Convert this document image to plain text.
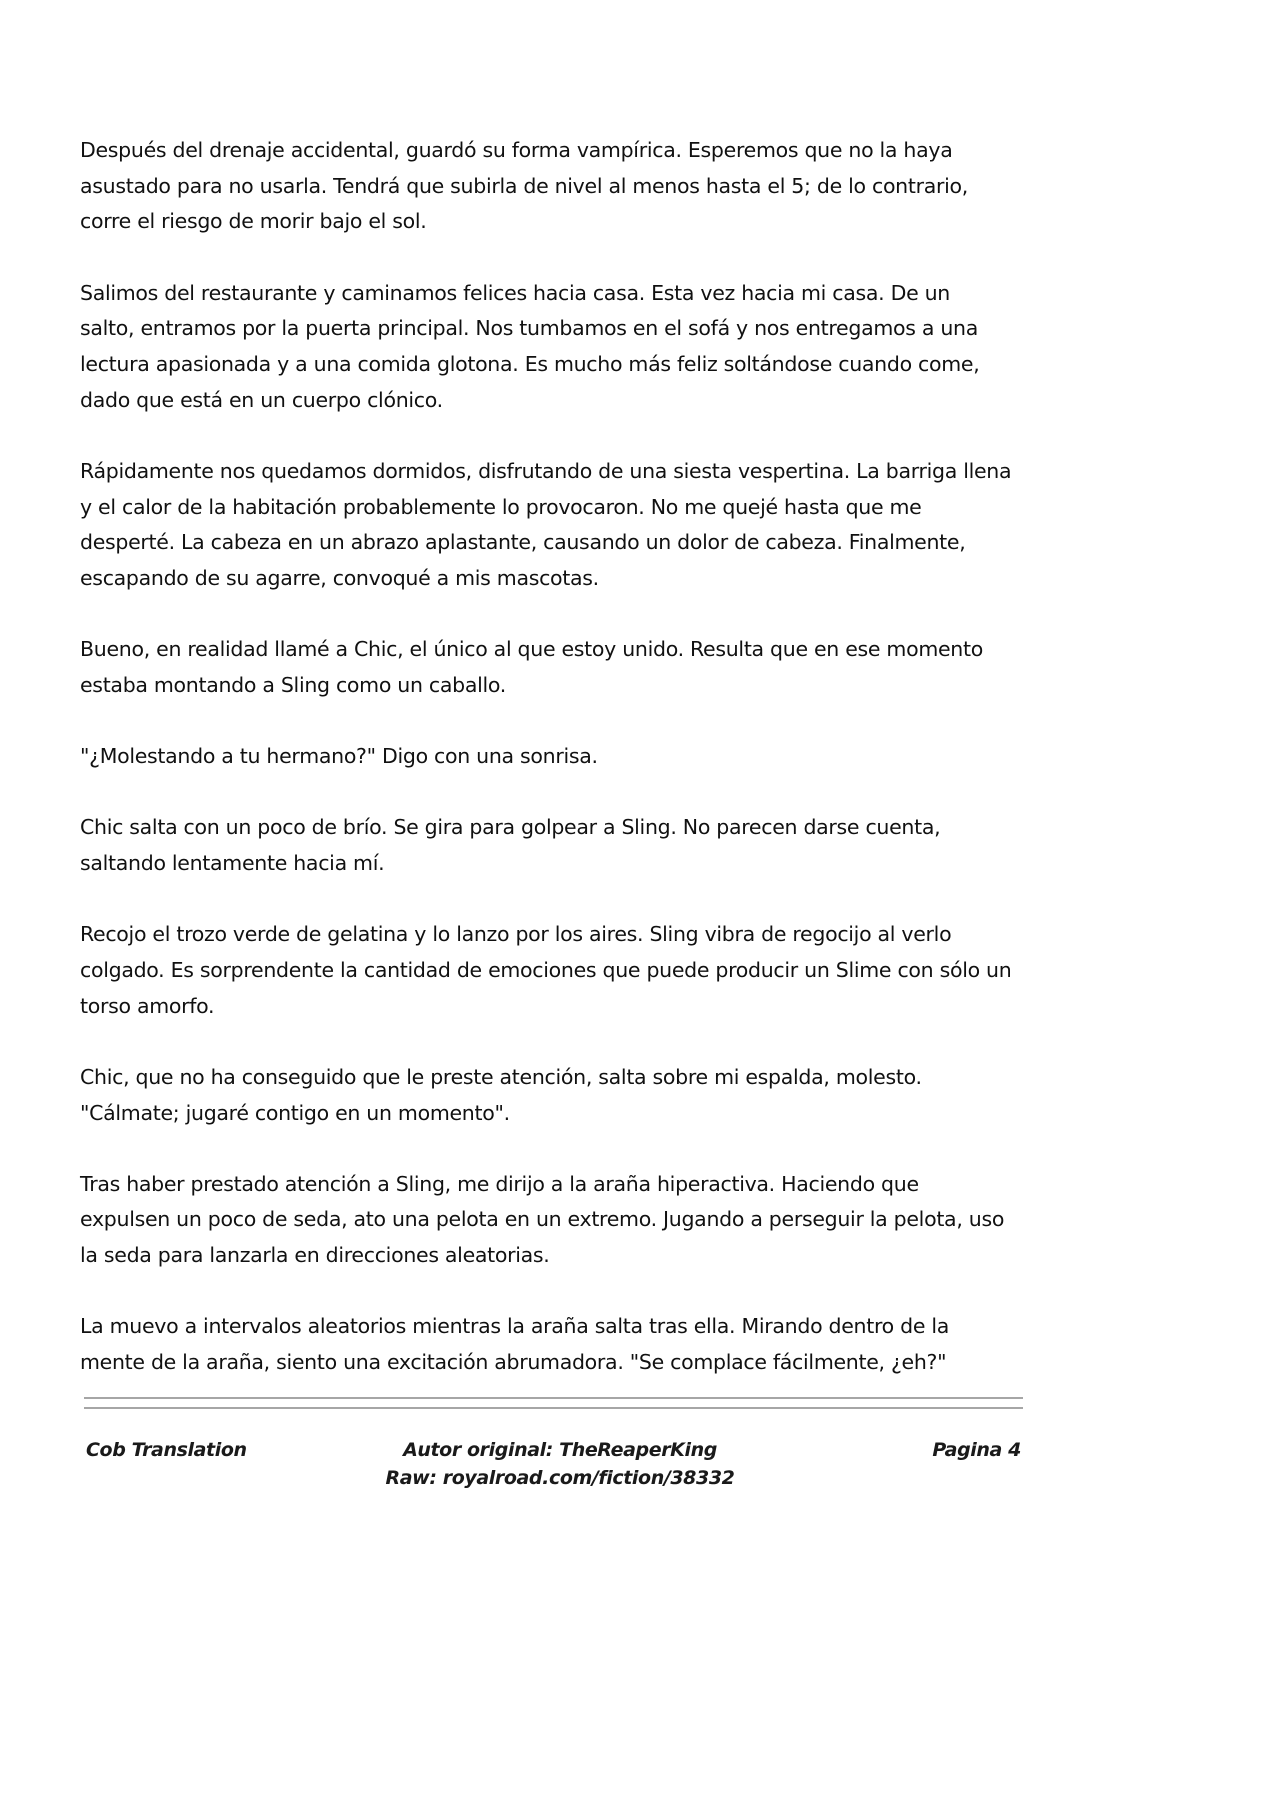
Después del drenaje accidental, guardó su forma vampírica. Esperemos que no la haya
asustado para no usarla. Tendrá que subirla de nivel al menos hasta el 5; de lo contrario,
corre el riesgo de morir bajo el sol.

Salimos del restaurante y caminamos felices hacia casa. Esta vez hacia mi casa. De un
salto, entramos por la puerta principal. Nos tumbamos en el sofá y nos entregamos a una
lectura apasionada y a una comida glotona. Es mucho más feliz soltándose cuando come,
dado que está en un cuerpo clónico.

Rápidamente nos quedamos dormidos, disfrutando de una siesta vespertina. La barriga llena
y el calor de la habitación probablemente lo provocaron. No me quejé hasta que me
desperté. La cabeza en un abrazo aplastante, causando un dolor de cabeza. Finalmente,
escapando de su agarre, convoqué a mis mascotas.

Bueno, en realidad llamé a Chic, el único al que estoy unido. Resulta que en ese momento
estaba montando a Sling como un caballo.

"¿Molestando a tu hermano?" Digo con una sonrisa.

Chic salta con un poco de brío. Se gira para golpear a Sling. No parecen darse cuenta,
saltando lentamente hacia mí.

Recojo el trozo verde de gelatina y lo lanzo por los aires. Sling vibra de regocijo al verlo
colgado. Es sorprendente la cantidad de emociones que puede producir un Slime con sólo un
torso amorfo.

Chic, que no ha conseguido que le preste atención, salta sobre mi espalda, molesto.
"Cálmate; jugaré contigo en un momento".

Tras haber prestado atención a Sling, me dirijo a la araña hiperactiva. Haciendo que
expulsen un poco de seda, ato una pelota en un extremo. Jugando a perseguir la pelota, uso
la seda para lanzarla en direcciones aleatorias.

La muevo a intervalos aleatorios mientras la araña salta tras ella. Mirando dentro de la
mente de la araña, siento una excitación abrumadora. "Se complace fácilmente, ¿eh?"

Cob Translation	Autor original: TheReaperKing
Raw: royalroad.com/fiction/38332
Pagina 4
